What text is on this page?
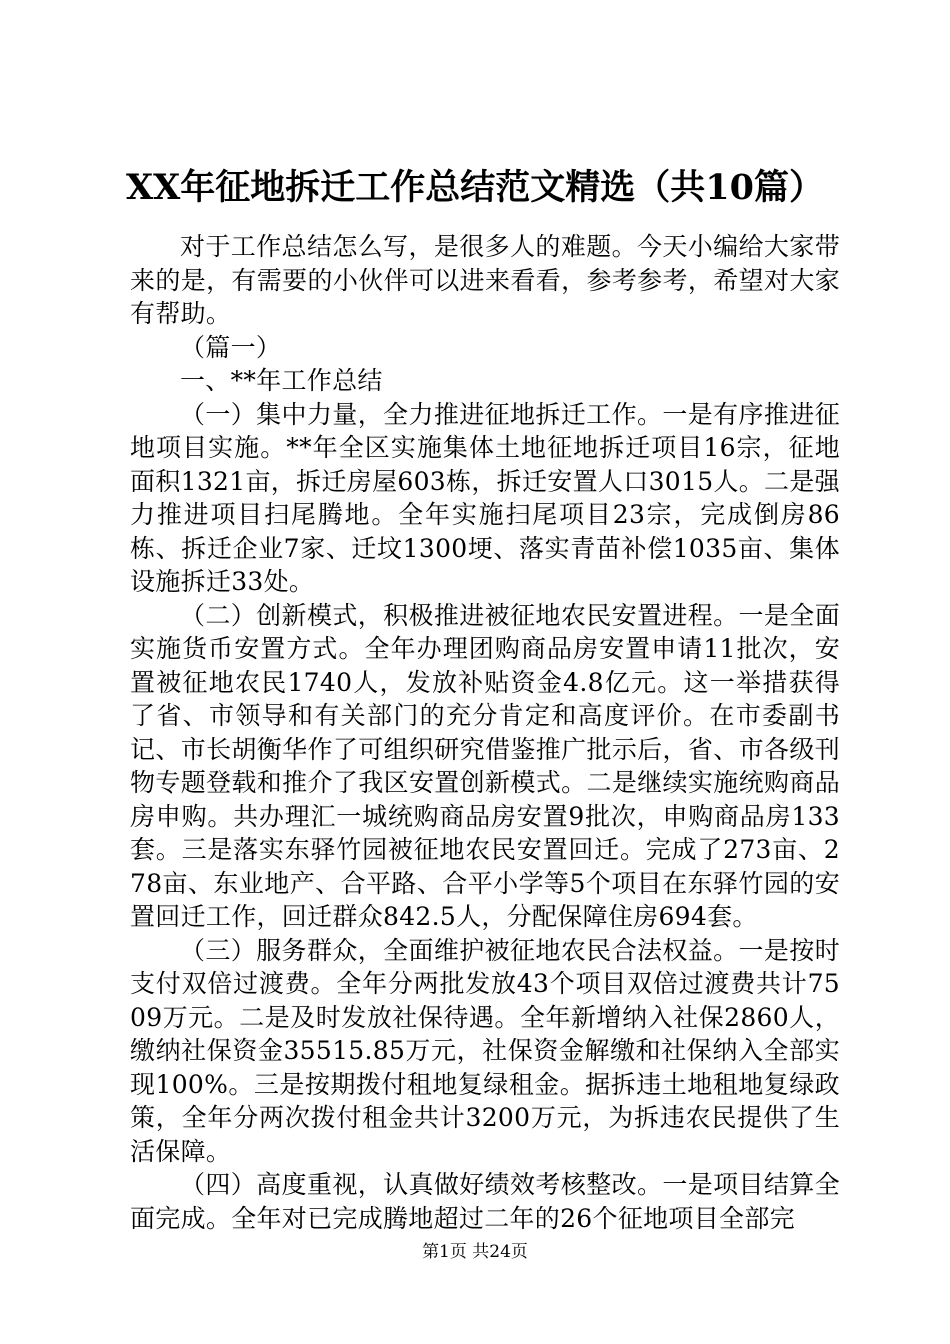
XX年征地拆迁工作总结范文精选（共10篇）

对于工作总结怎么写，是很多人的难题。今天小编给大家带来的是，有需要的小伙伴可以进来看看，参考参考，希望对大家有帮助。

（篇一）

一、**年工作总结

（一）集中力量，全力推进征地拆迁工作。一是有序推进征地项目实施。**年全区实施集体土地征地拆迁项目16宗，征地面积1321亩，拆迁房屋603栋，拆迁安置人口3015人。二是强力推进项目扫尾腾地。全年实施扫尾项目23宗，完成倒房86栋、拆迁企业7家、迁坟1300埂、落实青苗补偿1035亩、集体设施拆迁33处。

（二）创新模式，积极推进被征地农民安置进程。一是全面实施货币安置方式。全年办理团购商品房安置申请11批次，安置被征地农民1740人，发放补贴资金4.8亿元。这一举措获得了省、市领导和有关部门的充分肯定和高度评价。在市委副书记、市长胡衡华作了可组织研究借鉴推广批示后，省、市各级刊物专题登载和推介了我区安置创新模式。二是继续实施统购商品房申购。共办理汇一城统购商品房安置9批次，申购商品房133套。三是落实东驿竹园被征地农民安置回迁。完成了273亩、278亩、东业地产、合平路、合平小学等5个项目在东驿竹园的安置回迁工作，回迁群众842.5人，分配保障住房694套。

（三）服务群众，全面维护被征地农民合法权益。一是按时支付双倍过渡费。全年分两批发放43个项目双倍过渡费共计7509万元。二是及时发放社保待遇。全年新增纳入社保2860人，缴纳社保资金35515.85万元，社保资金解缴和社保纳入全部实现100%。三是按期拨付租地复绿租金。据拆违土地租地复绿政策，全年分两次拨付租金共计3200万元，为拆违农民提供了生活保障。

（四）高度重视，认真做好绩效考核整改。一是项目结算全面完成。全年对已完成腾地超过二年的26个征地项目全部完

第1页 共24页
